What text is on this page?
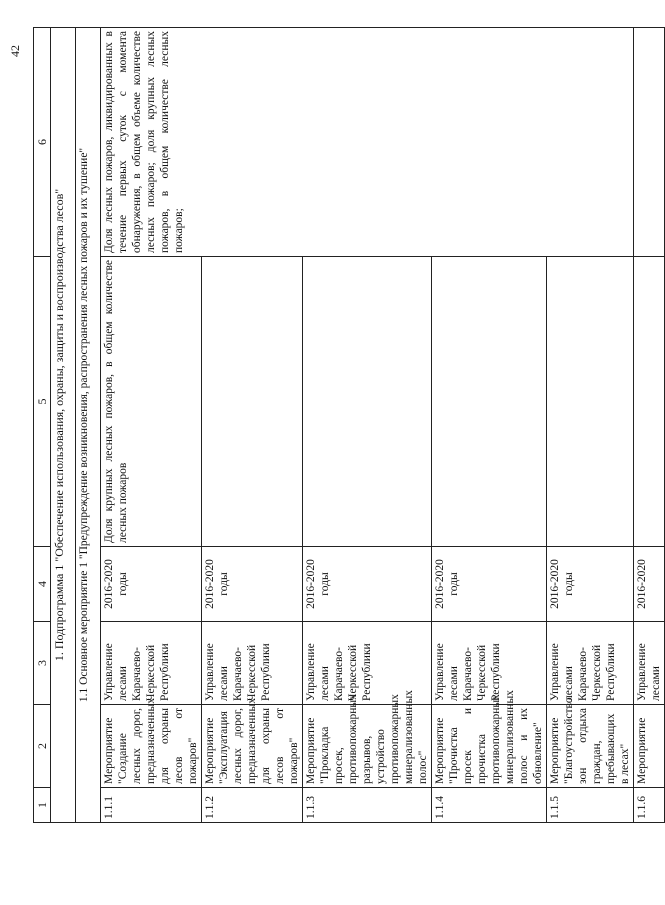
42
1	2	3	4	5	6
1. Подпрограмма 1 "Обеспечение использования, охраны, защиты и воспроизводства лесов"					
1.1 Основное мероприятие 1 "Предупреждение возникновения, распространения лесных пожаров и их тушение"					
1.1.1	Мероприятие "Создание лесных дорог, предназначенных для охраны лесов от пожаров"	Управление лесами Карачаево-Черкесской Республики	2016-2020 годы	Доля крупных лесных пожаров, в общем количестве лесных пожаров	Доля лесных пожаров, ликвидированных в течение первых суток с момента обнаружения, в общем объеме количестве лесных пожаров; доля крупных лесных пожаров, в общем количестве лесных пожаров;
1.1.2	Мероприятие "Эксплуатация лесных дорог, предназначенных для охраны лесов от пожаров"	Управление лесами Карачаево-Черкесской Республики	2016-2020 годы		
1.1.3	Мероприятие "Прокладка просек, противопожарных разрывов, устройство противопожарных минерализованных полос"	Управление лесами Карачаево-Черкесской Республики	2016-2020 годы		
1.1.4	Мероприятие "Прочистка просек и прочистка противопожарных минерализованных полос и их обновление"	Управление лесами Карачаево-Черкесской Республики	2016-2020 годы		
1.1.5	Мероприятие "Благоустройство зон отдыха граждан, пребывающих в лесах"	Управление лесами Карачаево-Черкесской Республики	2016-2020 годы		
1.1.6	Мероприятие	Управление лесами	2016-2020		
